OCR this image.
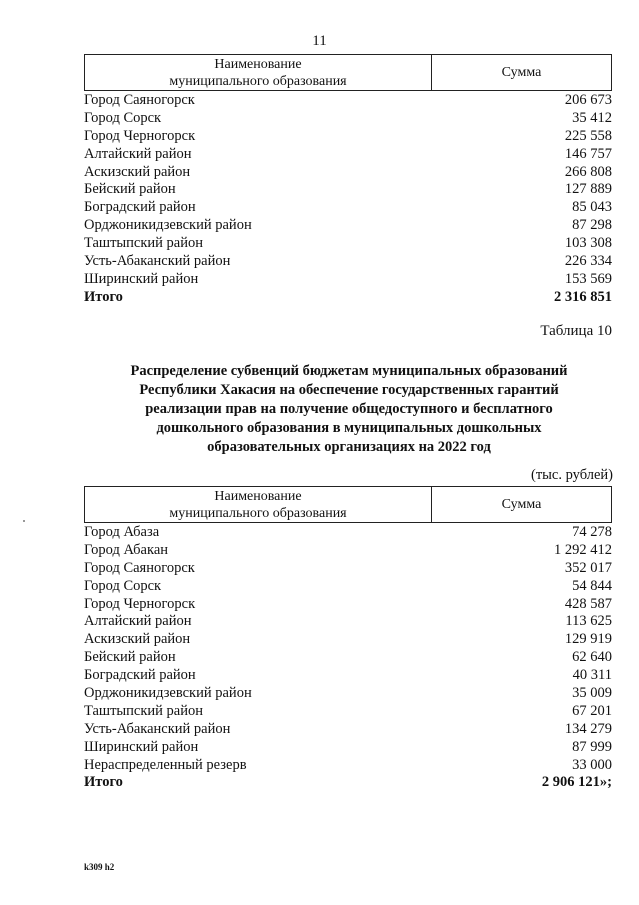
11
Наименование
муниципального образования
Сумма
Город Саяногорск	206 673
Город Сорск	35 412
Город Черногорск	225 558
Алтайский район	146 757
Аскизский район	266 808
Бейский район	127 889
Боградский район	85 043
Орджоникидзевский район	87 298
Таштыпский район	103 308
Усть-Абаканский район	226 334
Ширинский район	153 569
Итого	2 316 851
Таблица 10
Распределение субвенций бюджетам муниципальных образований
Республики Хакасия на обеспечение государственных гарантий
реализации прав на получение общедоступного и бесплатного
дошкольного образования в муниципальных дошкольных
образовательных организациях на 2022 год
(тыс. рублей)
Наименование
муниципального образования
Сумма
Город Абаза	74 278
Город Абакан	1 292 412
Город Саяногорск	352 017
Город Сорск	54 844
Город Черногорск	428 587
Алтайский район	113 625
Аскизский район	129 919
Бейский район	62 640
Боградский район	40 311
Орджоникидзевский район	35 009
Таштыпский район	67 201
Усть-Абаканский район	134 279
Ширинский район	87 999
Нераспределенный резерв	33 000
Итого	2 906 121»;
k309 h2
